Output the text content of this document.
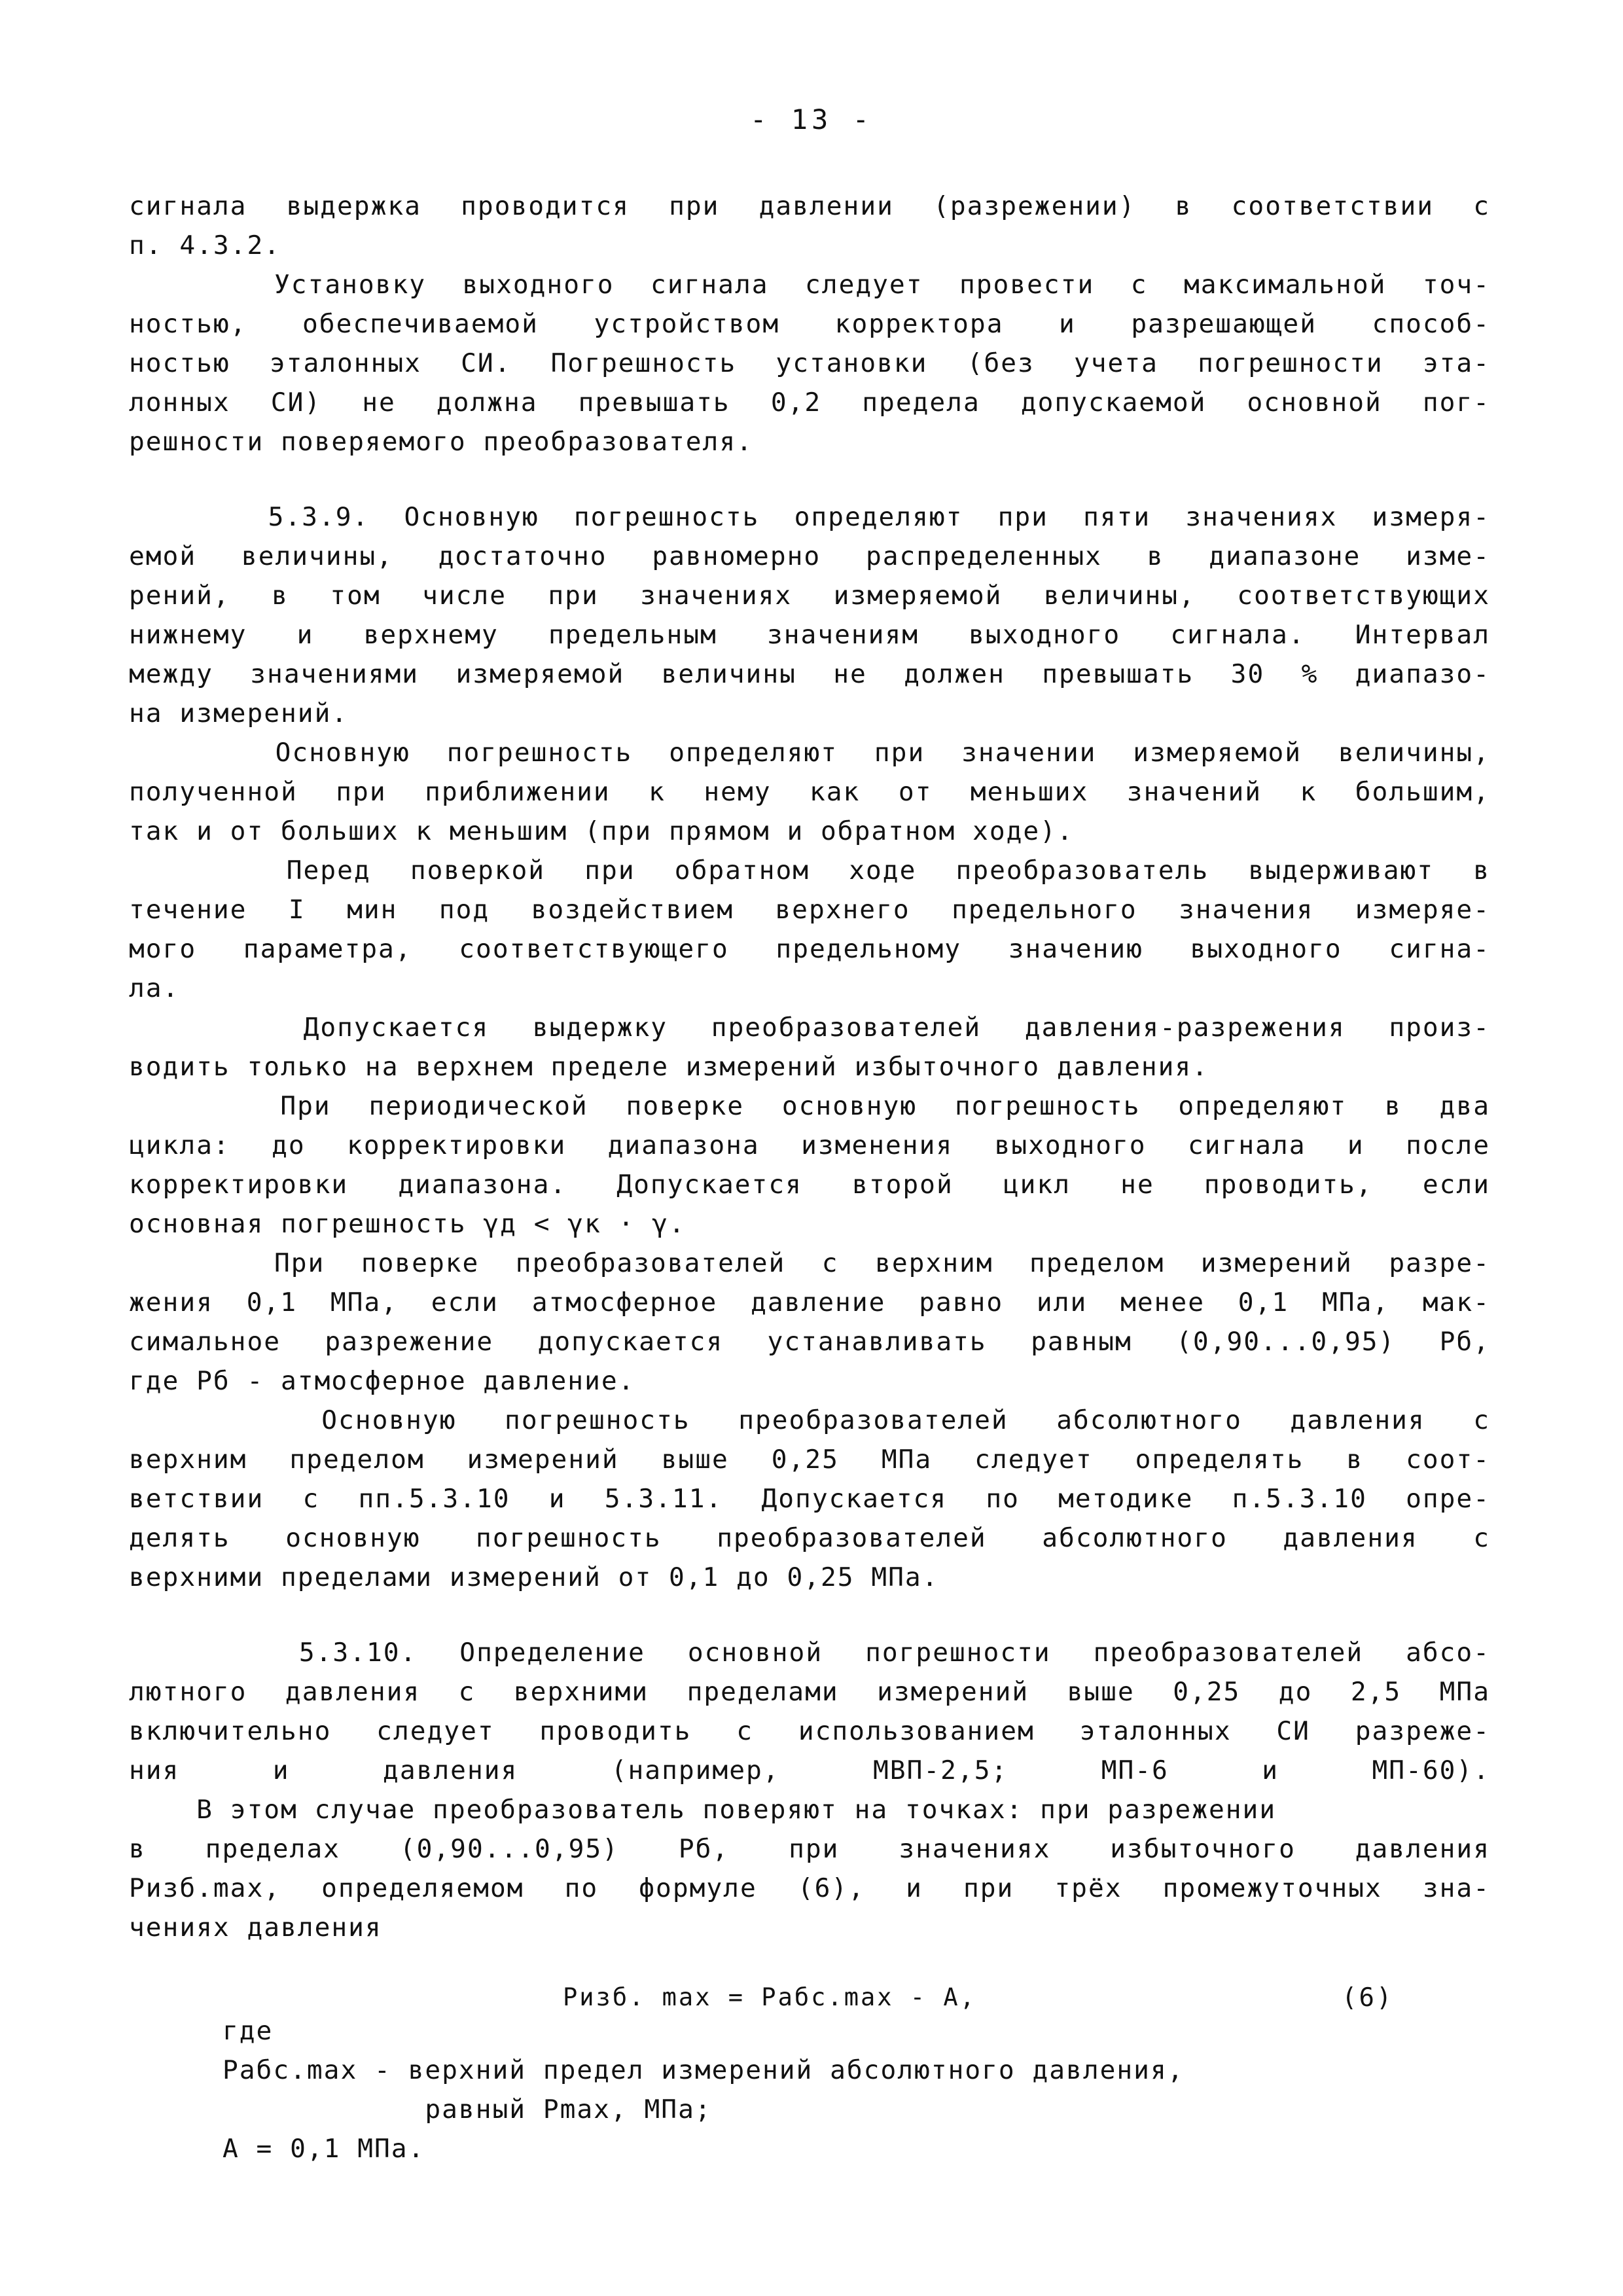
- 13 -
сигнала выдержка проводится при давлении (разрежении) в соответствии с
п. 4.3.2.
Установку выходного сигнала следует провести с максимальной точ-
ностью, обеспечиваемой устройством корректора и разрешающей способ-
ностью эталонных СИ. Погрешность установки (без учета погрешности эта-
лонных СИ) не должна превышать 0,2 предела допускаемой основной пог-
решности поверяемого преобразователя.
5.3.9. Основную погрешность определяют при пяти значениях измеря-
емой величины, достаточно равномерно распределенных в диапазоне изме-
рений, в том числе при значениях измеряемой величины, соответствующих
нижнему и верхнему предельным значениям выходного сигнала. Интервал
между значениями измеряемой величины не должен превышать 30 % диапазо-
на измерений.
Основную погрешность определяют при значении измеряемой величины,
полученной при приближении к нему как от меньших значений к большим,
так и от больших к меньшим (при прямом и обратном ходе).
Перед поверкой при обратном ходе преобразователь выдерживают в
течение I мин под воздействием верхнего предельного значения измеряе-
мого параметра, соответствующего предельному значению выходного сигна-
ла.
Допускается выдержку преобразователей давления-разрежения произ-
водить только на верхнем пределе измерений избыточного давления.
При периодической поверке основную погрешность определяют в два
цикла: до корректировки диапазона изменения выходного сигнала и после
корректировки диапазона. Допускается второй цикл не проводить, если
основная погрешность γд < γк · γ.
При поверке преобразователей с верхним пределом измерений разре-
жения 0,1 МПа, если атмосферное давление равно или менее 0,1 МПа, мак-
симальное разрежение допускается устанавливать равным (0,90...0,95) Рб,
где Рб - атмосферное давление.
Основную погрешность преобразователей абсолютного давления с
верхним пределом измерений выше 0,25 МПа следует определять в соот-
ветствии с пп.5.3.10 и 5.3.11. Допускается по методике п.5.3.10 опре-
делять основную погрешность преобразователей абсолютного давления с
верхними пределами измерений от 0,1 до 0,25 МПа.
5.3.10. Определение основной погрешности преобразователей абсо-
лютного давления с верхними пределами измерений выше 0,25 до 2,5 МПа
включительно следует проводить с использованием эталонных СИ разреже-
ния и давления (например, МВП-2,5; МП-6 и МП-60).
В этом случае преобразователь поверяют на точках: при разрежении
в пределах (0,90...0,95) Рб, при значениях избыточного давления
Ризб.max, определяемом по формуле (6), и при трёх промежуточных зна-
чениях давления
Ризб. max = Рабс.max - А,	(6)
где
Рабс.max - верхний предел измерений абсолютного давления,
равный Рmax, МПа;
А = 0,1 МПа.
